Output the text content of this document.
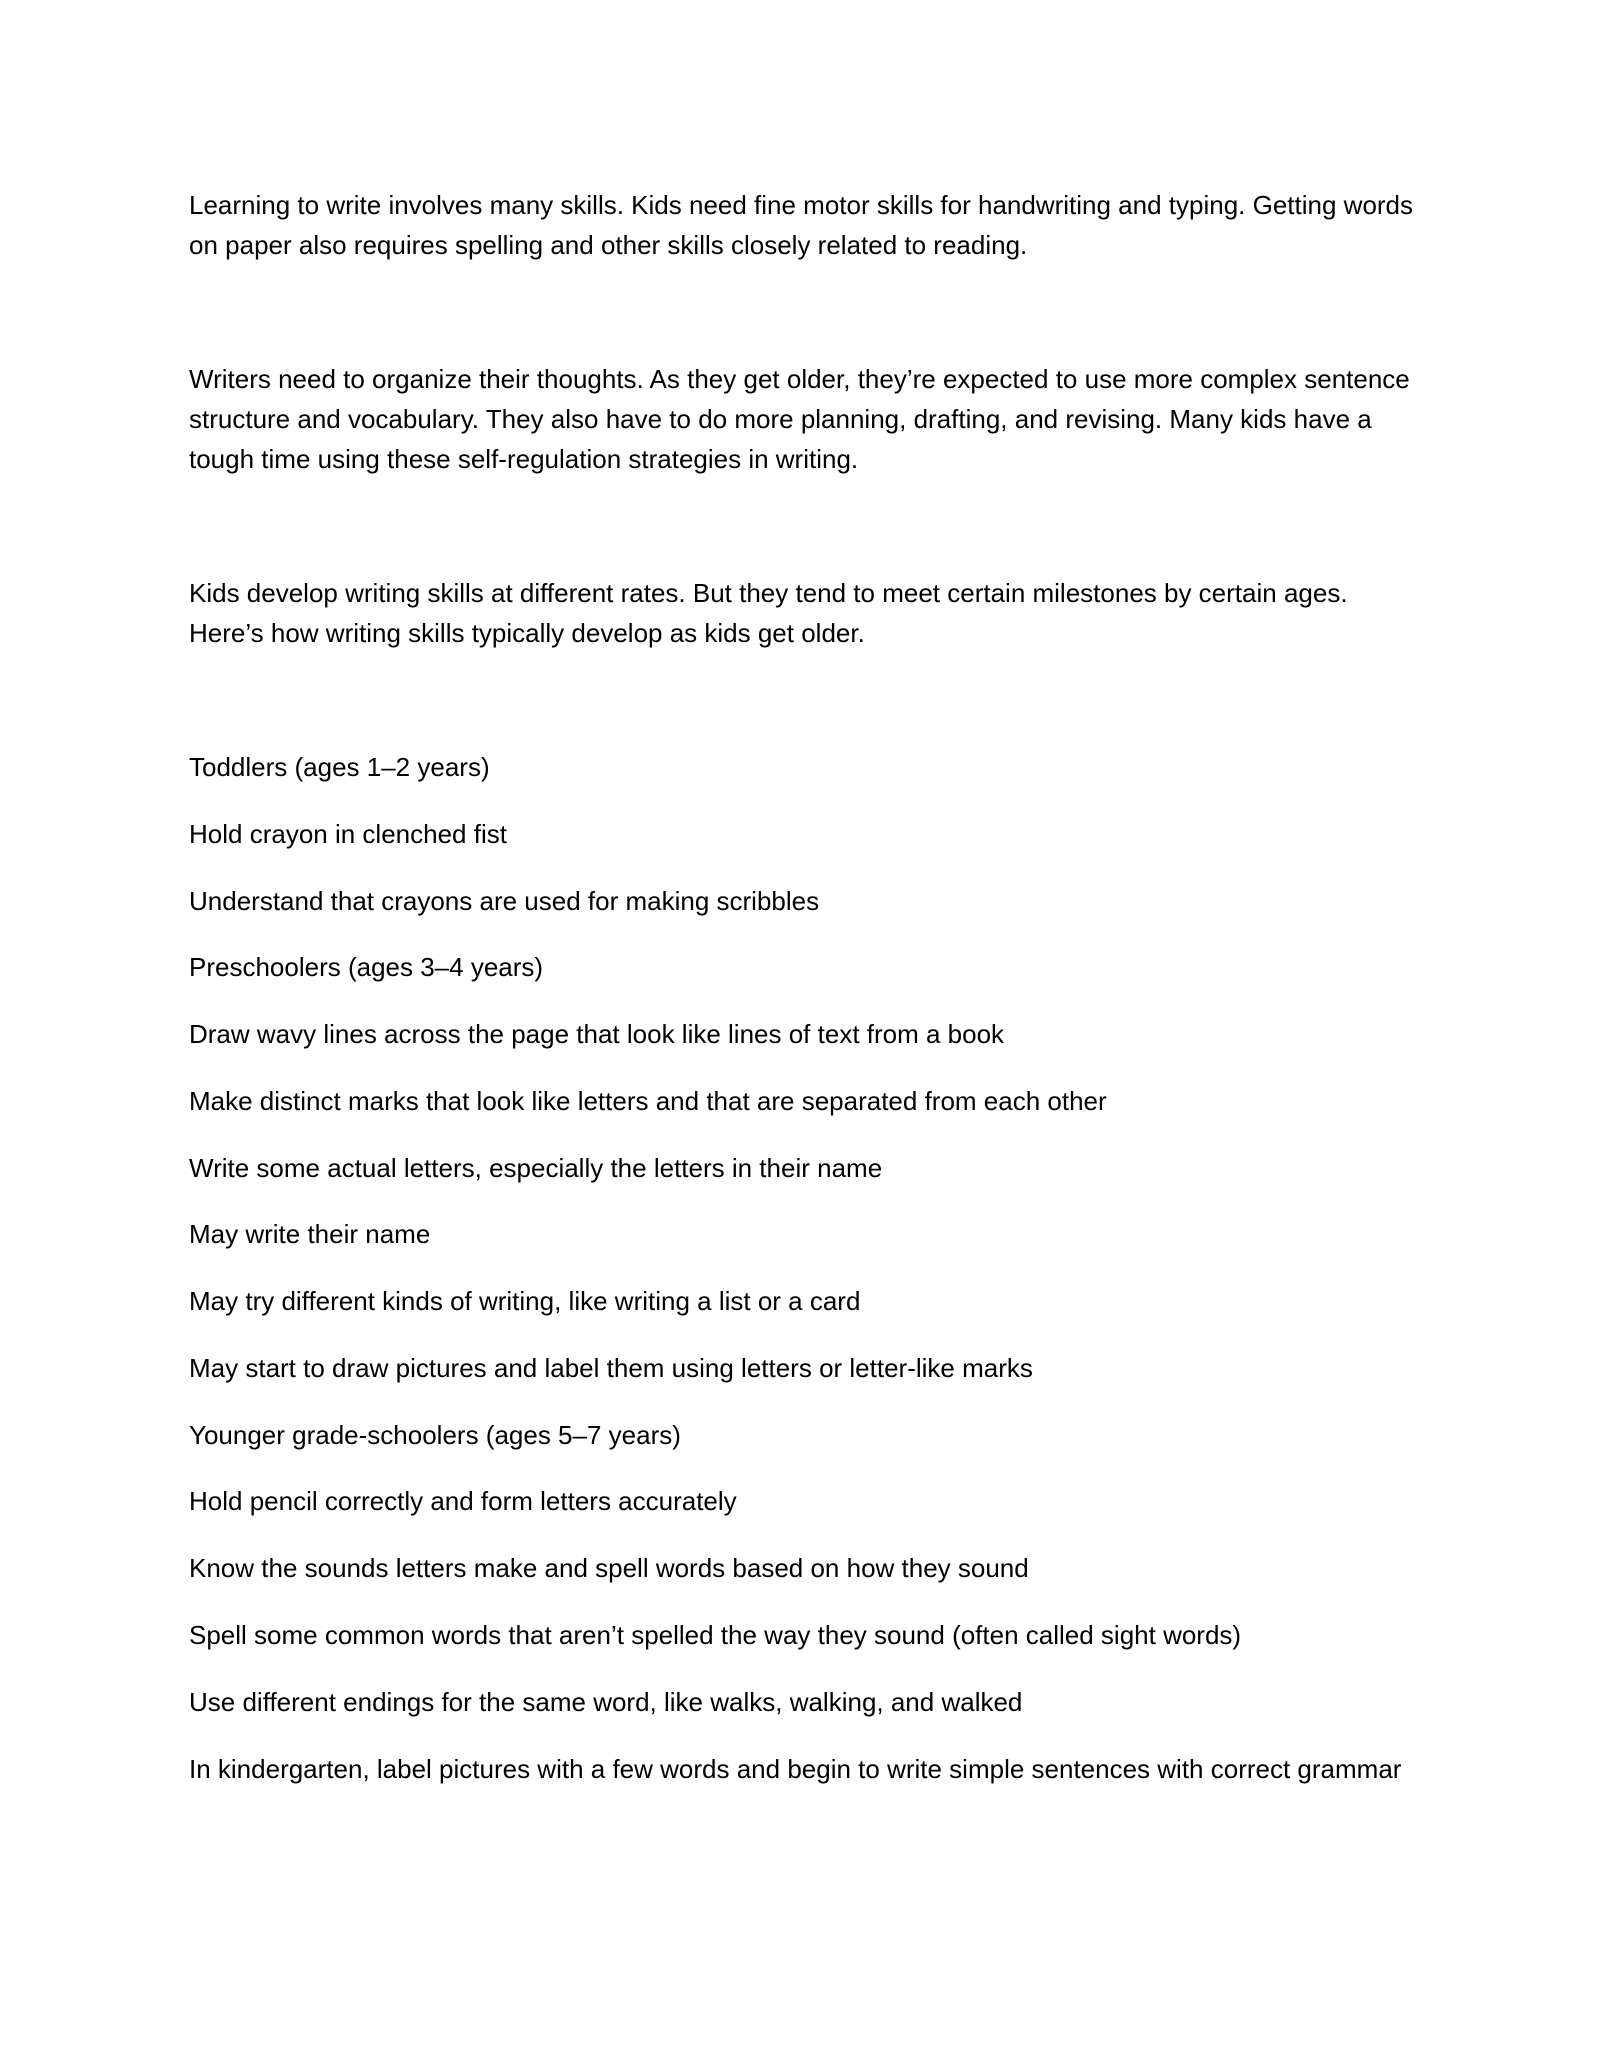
Learning to write involves many skills. Kids need fine motor skills for handwriting and typing. Getting words on paper also requires spelling and other skills closely related to reading.

Writers need to organize their thoughts. As they get older, they’re expected to use more complex sentence structure and vocabulary. They also have to do more planning, drafting, and revising. Many kids have a tough time using these self-regulation strategies in writing.

Kids develop writing skills at different rates. But they tend to meet certain milestones by certain ages. Here’s how writing skills typically develop as kids get older.

Toddlers (ages 1–2 years)

Hold crayon in clenched fist

Understand that crayons are used for making scribbles

Preschoolers (ages 3–4 years)

Draw wavy lines across the page that look like lines of text from a book

Make distinct marks that look like letters and that are separated from each other

Write some actual letters, especially the letters in their name

May write their name

May try different kinds of writing, like writing a list or a card

May start to draw pictures and label them using letters or letter-like marks

Younger grade-schoolers (ages 5–7 years)

Hold pencil correctly and form letters accurately

Know the sounds letters make and spell words based on how they sound

Spell some common words that aren’t spelled the way they sound (often called sight words)

Use different endings for the same word, like walks, walking, and walked

In kindergarten, label pictures with a few words and begin to write simple sentences with correct grammar
